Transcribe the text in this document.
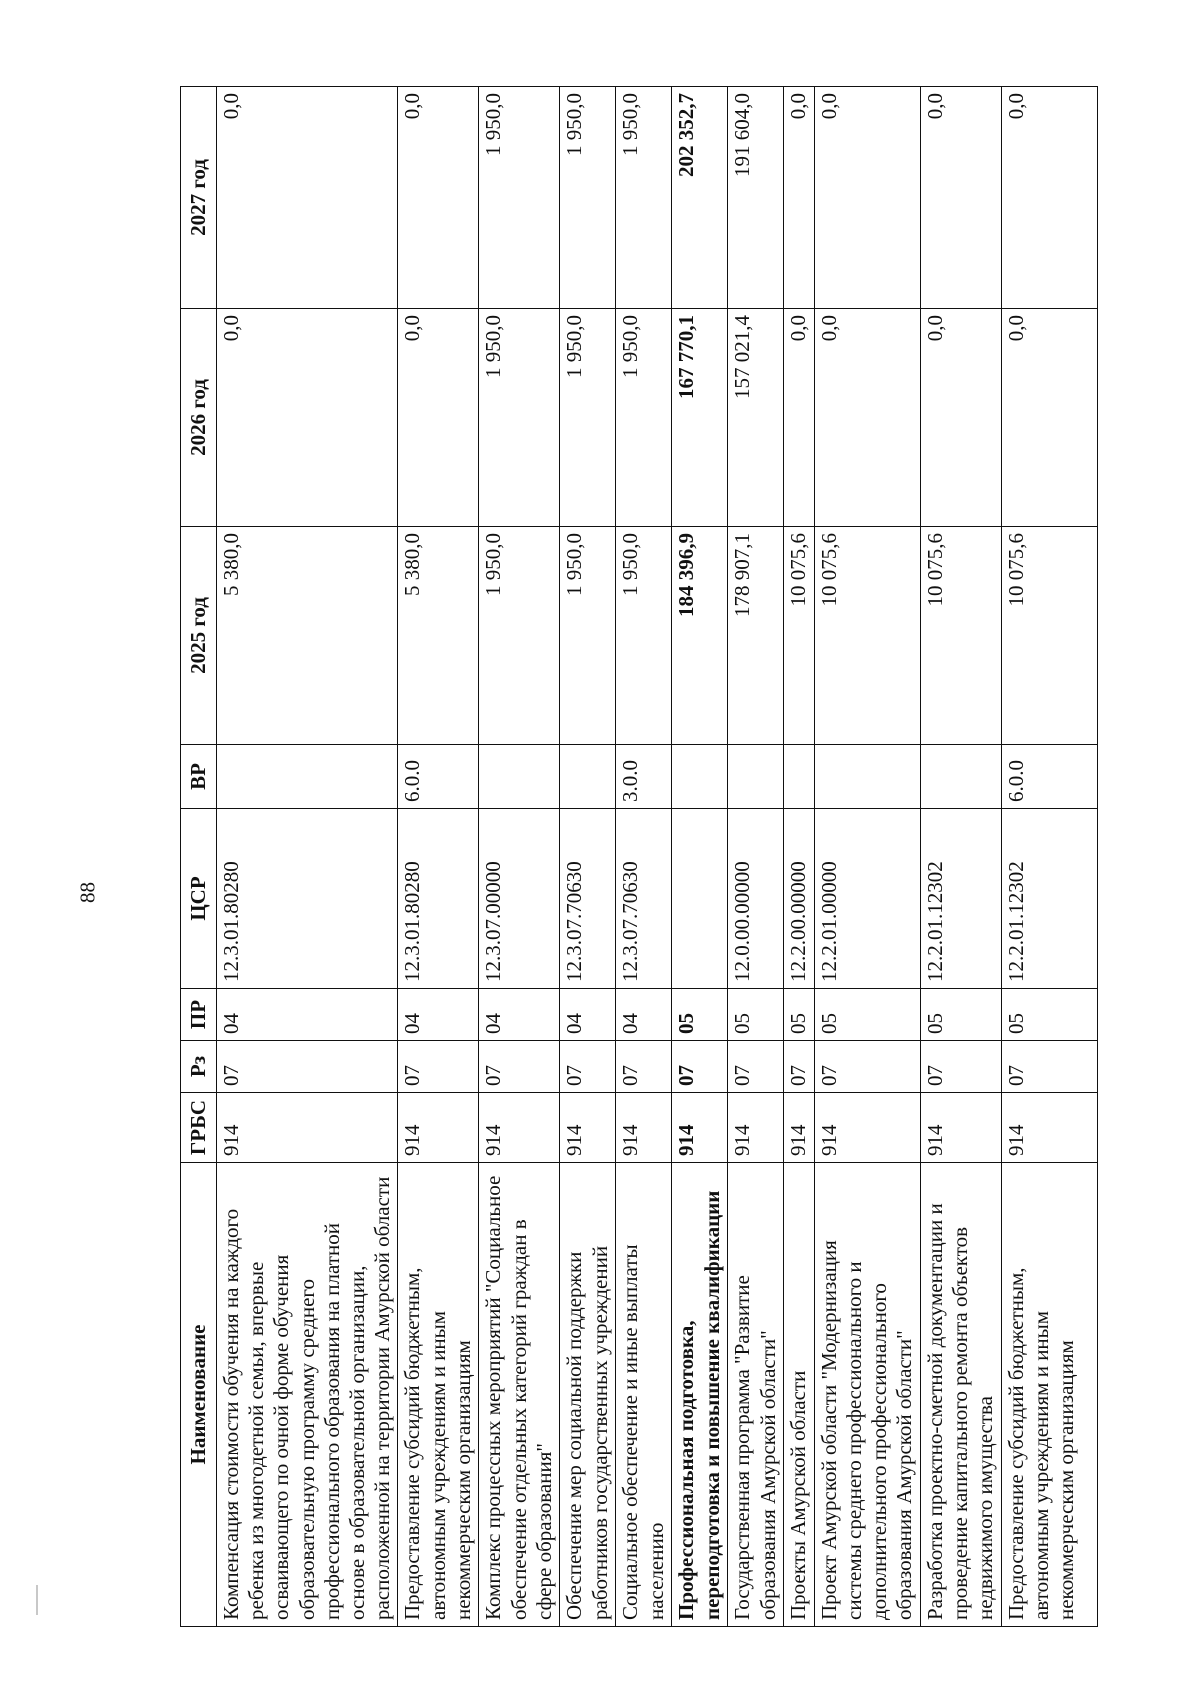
88
Наименование	ГРБС	Рз	ПР	ЦСР	ВР	2025 год	2026 год	2027 год
Компенсация стоимости обучения на каждого ребенка из многодетной семьи, впервые осваивающего по очной форме обучения образовательную программу среднего профессионального образования на платной основе в образовательной организации, расположенной на территории Амурской области	914	07	04	12.3.01.80280		5 380,0	0,0	0,0
Предоставление субсидий бюджетным, автономным учреждениям и иным некоммерческим организациям	914	07	04	12.3.01.80280	6.0.0	5 380,0	0,0	0,0
Комплекс процессных мероприятий "Социальное обеспечение отдельных категорий граждан в сфере образования"	914	07	04	12.3.07.00000		1 950,0	1 950,0	1 950,0
Обеспечение мер социальной поддержки работников государственных учреждений	914	07	04	12.3.07.70630		1 950,0	1 950,0	1 950,0
Социальное обеспечение и иные выплаты населению	914	07	04	12.3.07.70630	3.0.0	1 950,0	1 950,0	1 950,0
Профессиональная подготовка, переподготовка и повышение квалификации	914	07	05			184 396,9	167 770,1	202 352,7
Государственная программа "Развитие образования Амурской области"	914	07	05	12.0.00.00000		178 907,1	157 021,4	191 604,0
Проекты Амурской области	914	07	05	12.2.00.00000		10 075,6	0,0	0,0
Проект Амурской области "Модернизация системы среднего профессионального и дополнительного профессионального образования Амурской области"	914	07	05	12.2.01.00000		10 075,6	0,0	0,0
Разработка проектно-сметной документации и проведение капитального ремонта объектов недвижимого имущества	914	07	05	12.2.01.12302		10 075,6	0,0	0,0
Предоставление субсидий бюджетным, автономным учреждениям и иным некоммерческим организациям	914	07	05	12.2.01.12302	6.0.0	10 075,6	0,0	0,0
